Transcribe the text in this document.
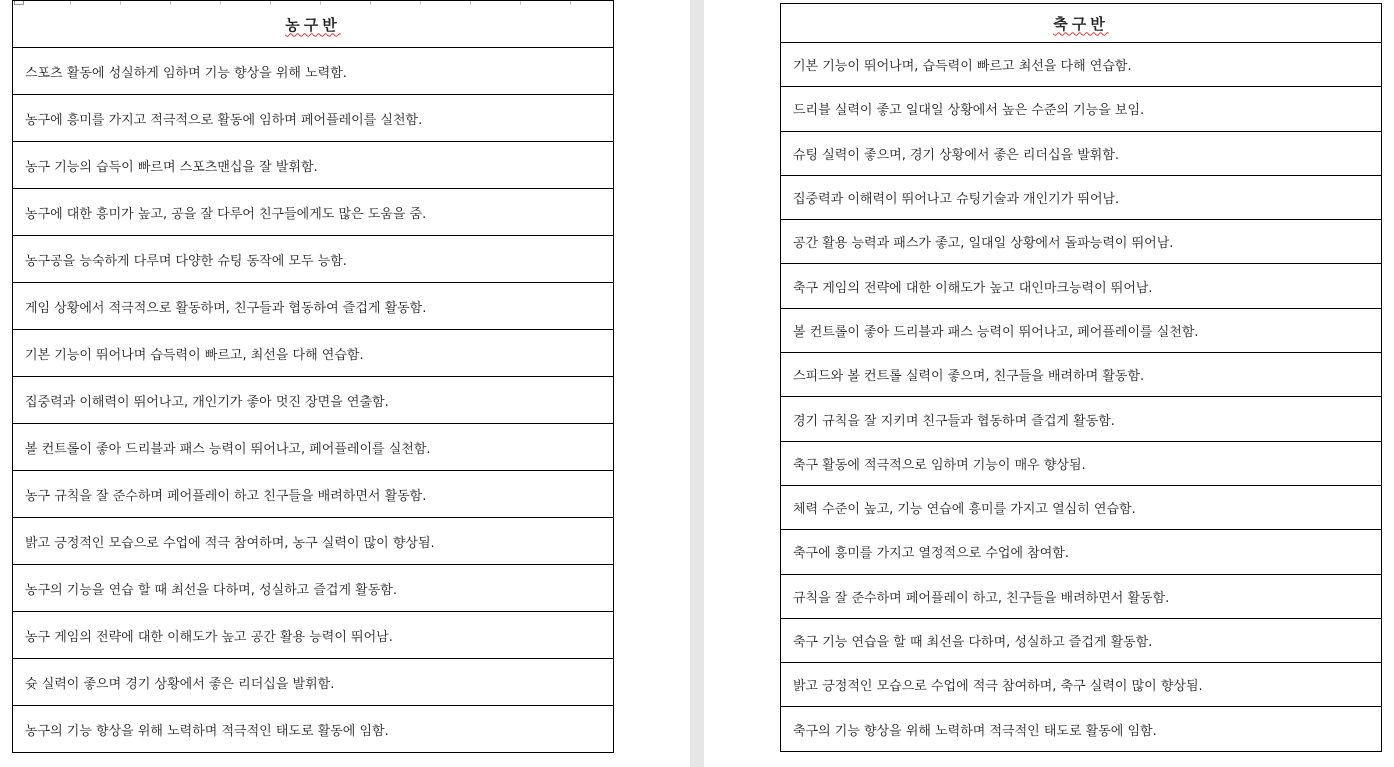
농구반
스포츠 활동에 성실하게 임하며 기능 향상을 위해 노력함.
농구에 흥미를 가지고 적극적으로 활동에 임하며 페어플레이를 실천함.
농구 기능의 습득이 빠르며 스포츠맨십을 잘 발휘함.
농구에 대한 흥미가 높고, 공을 잘 다루어 친구들에게도 많은 도움을 줌.
농구공을 능숙하게 다루며 다양한 슈팅 동작에 모두 능함.
게임 상황에서 적극적으로 활동하며, 친구들과 협동하여 즐겁게 활동함.
기본 기능이 뛰어나며 습득력이 빠르고, 최선을 다해 연습함.
집중력과 이해력이 뛰어나고, 개인기가 좋아 멋진 장면을 연출함.
볼 컨트롤이 좋아 드리블과 패스 능력이 뛰어나고, 페어플레이를 실천함.
농구 규칙을 잘 준수하며 페어플레이 하고 친구들을 배려하면서 활동함.
밝고 긍정적인 모습으로 수업에 적극 참여하며, 농구 실력이 많이 향상됨.
농구의 기능을 연습 할 때 최선을 다하며, 성실하고 즐겁게 활동함.
농구 게임의 전략에 대한 이해도가 높고 공간 활용 능력이 뛰어남.
슛 실력이 좋으며 경기 상황에서 좋은 리더십을 발휘함.
농구의 기능 향상을 위해 노력하며 적극적인 태도로 활동에 임함.
축구반
기본 기능이 뛰어나며, 습득력이 빠르고 최선을 다해 연습함.
드리블 실력이 좋고 일대일 상황에서 높은 수준의 기능을 보임.
슈팅 실력이 좋으며, 경기 상황에서 좋은 리더십을 발휘함.
집중력과 이해력이 뛰어나고 슈팅기술과 개인기가 뛰어남.
공간 활용 능력과 패스가 좋고, 일대일 상황에서 돌파능력이 뛰어남.
축구 게임의 전략에 대한 이해도가 높고 대인마크능력이 뛰어남.
볼 컨트롤이 좋아 드리블과 패스 능력이 뛰어나고, 페어플레이를 실천함.
스피드와 볼 컨트롤 실력이 좋으며, 친구들을 배려하며 활동함.
경기 규칙을 잘 지키며 친구들과 협동하며 즐겁게 활동함.
축구 활동에 적극적으로 임하며 기능이 매우 향상됨.
체력 수준이 높고, 기능 연습에 흥미를 가지고 열심히 연습함.
축구에 흥미를 가지고 열정적으로 수업에 참여함.
규칙을 잘 준수하며 페어플레이 하고, 친구들을 배려하면서 활동함.
축구 기능 연습을 할 때 최선을 다하며, 성실하고 즐겁게 활동함.
밝고 긍정적인 모습으로 수업에 적극 참여하며, 축구 실력이 많이 향상됨.
축구의 기능 향상을 위해 노력하며 적극적인 태도로 활동에 임함.
